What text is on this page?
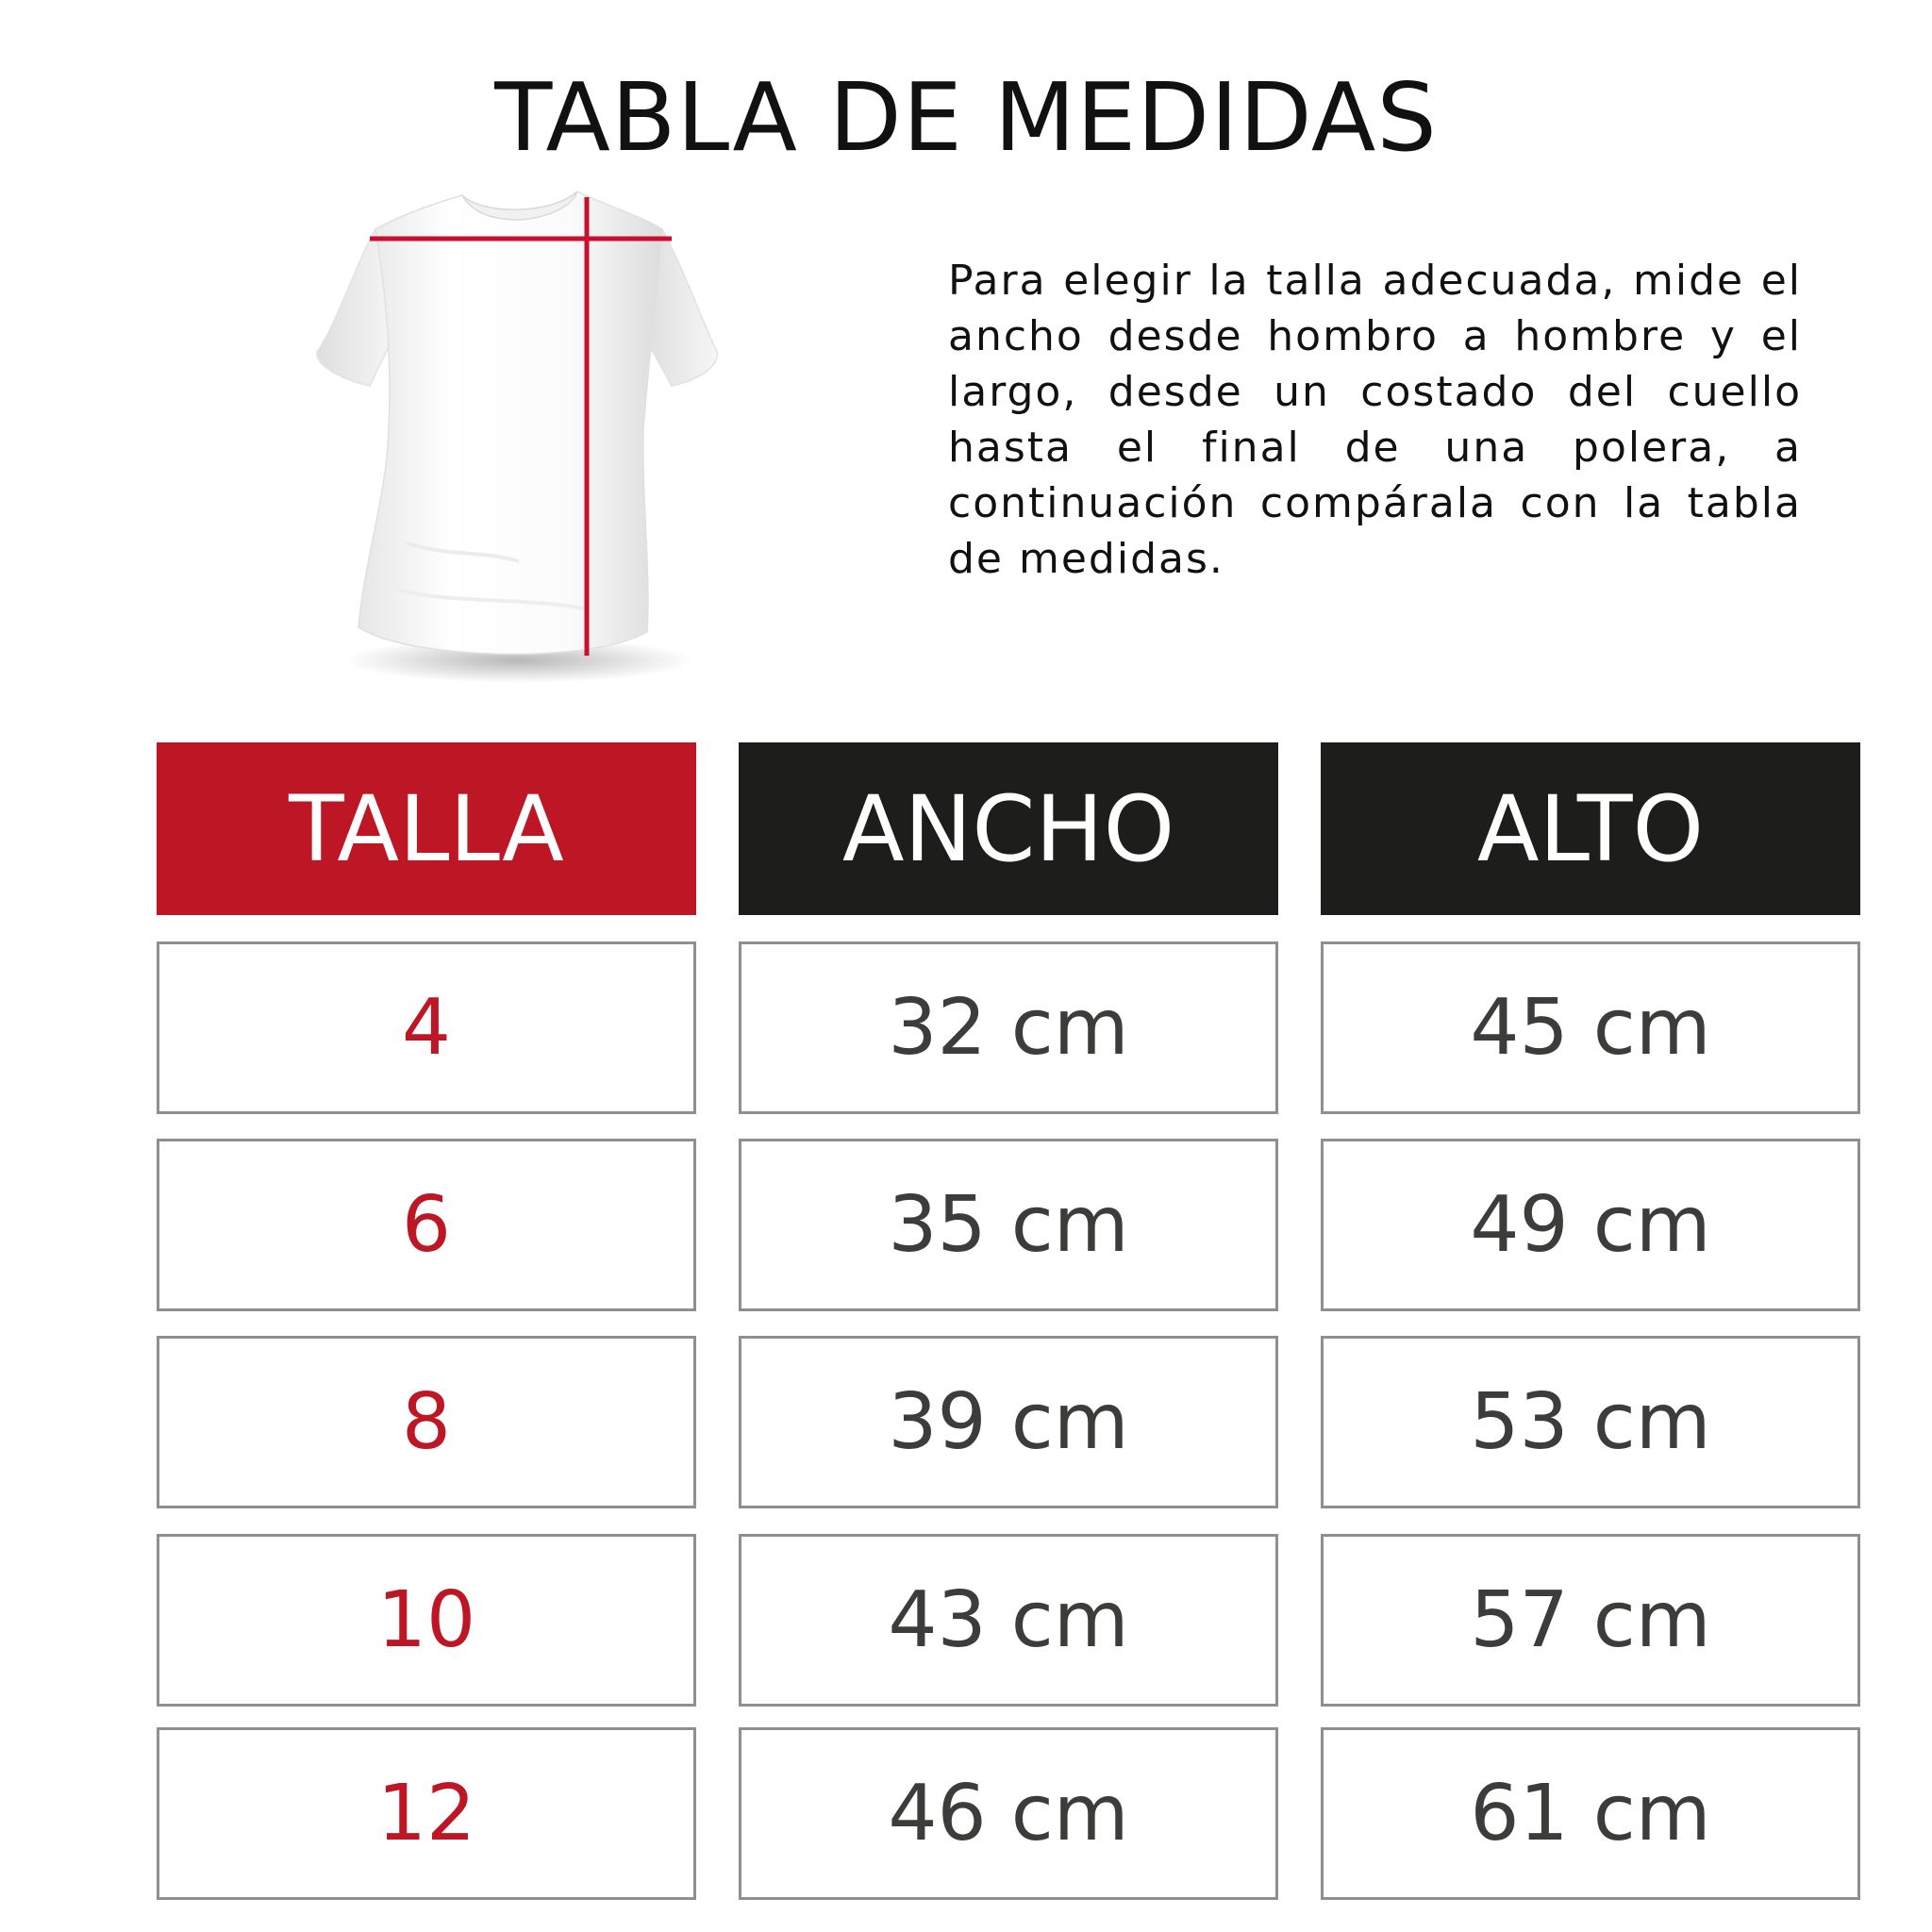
TABLA DE MEDIDAS

Para elegir la talla adecuada, mide el ancho desde hombro a hombre y el largo, desde un costado del cuello hasta el final de una polera, a continuación compárala con la tabla de medidas.

TALLA	ANCHO	ALTO
4	32 cm	45 cm
6	35 cm	49 cm
8	39 cm	53 cm
10	43 cm	57 cm
12	46 cm	61 cm
